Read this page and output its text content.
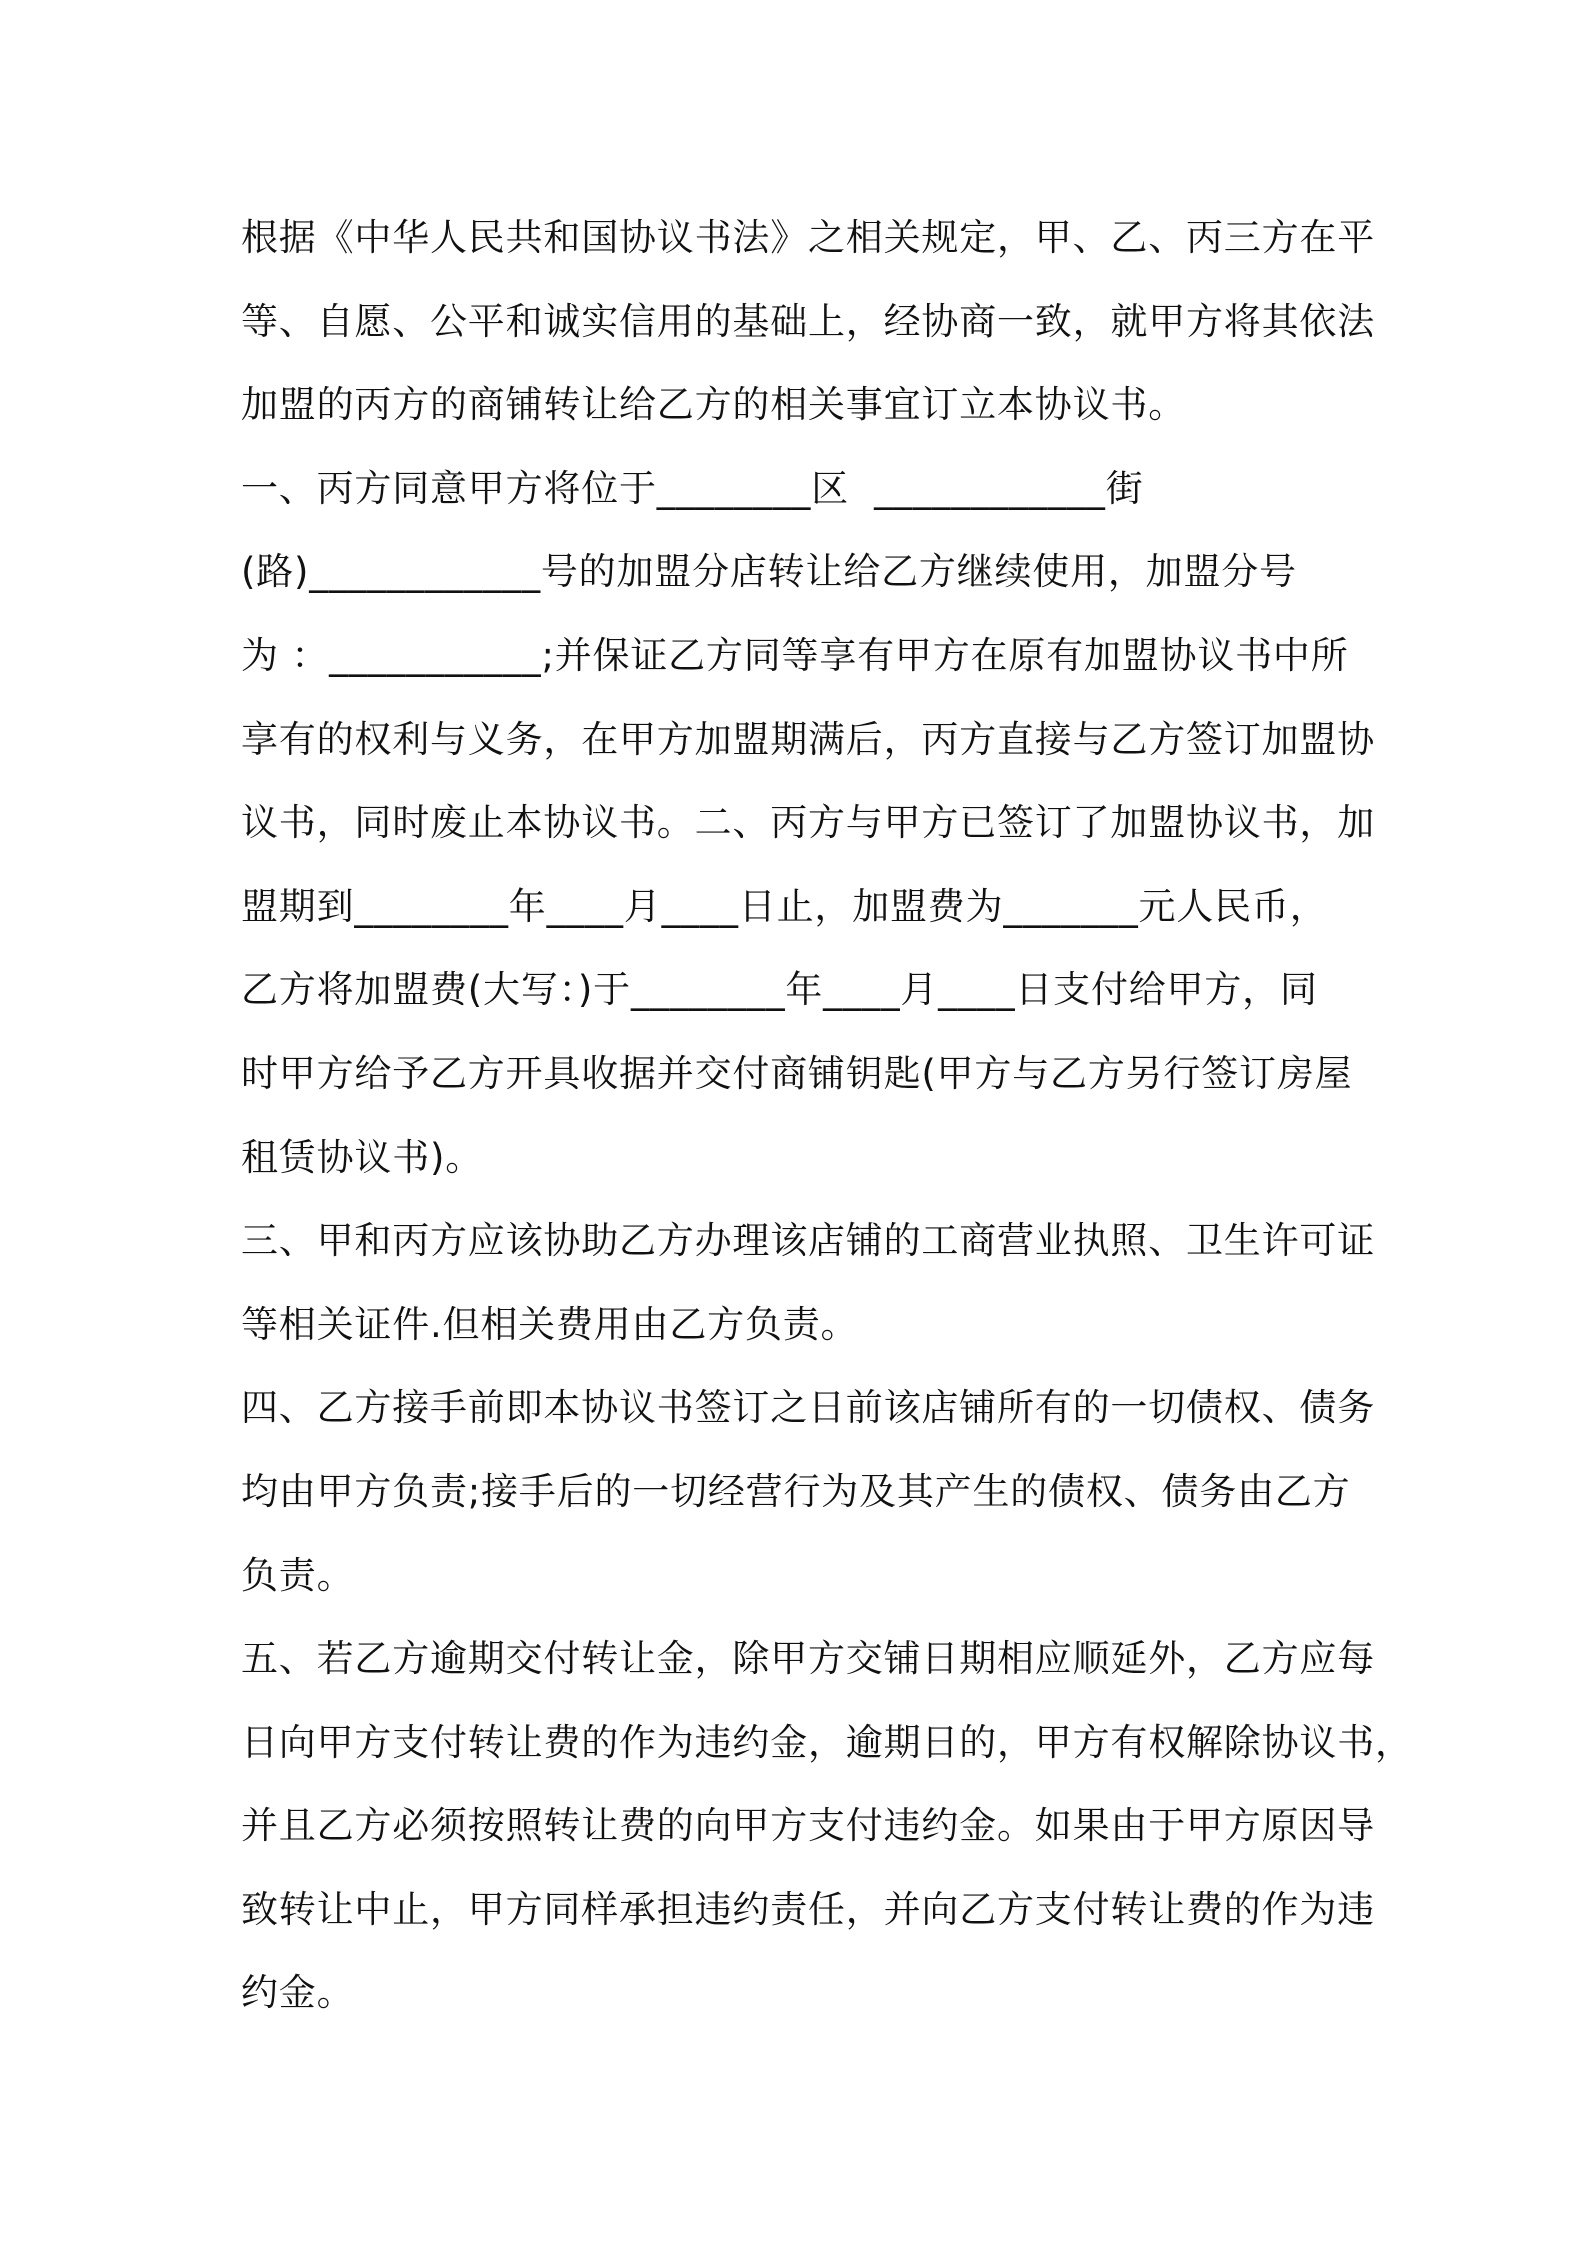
根据《中华人民共和国协议书法》之相关规定，甲、乙、丙三方在平
等、自愿、公平和诚实信用的基础上，经协商一致，就甲方将其依法
加盟的丙方的商铺转让给乙方的相关事宜订立本协议书。
一、丙方同意甲方将位于________区  ____________街
(路)____________号的加盟分店转让给乙方继续使用，加盟分号
为 ：___________;并保证乙方同等享有甲方在原有加盟协议书中所
享有的权利与义务，在甲方加盟期满后，丙方直接与乙方签订加盟协
议书，同时废止本协议书。二、丙方与甲方已签订了加盟协议书，加
盟期到________年____月____日止，加盟费为_______元人民币，
乙方将加盟费(大写：)于________年____月____日支付给甲方，同
时甲方给予乙方开具收据并交付商铺钥匙(甲方与乙方另行签订房屋
租赁协议书)。
三、甲和丙方应该协助乙方办理该店铺的工商营业执照、卫生许可证
等相关证件.但相关费用由乙方负责。
四、乙方接手前即本协议书签订之日前该店铺所有的一切债权、债务
均由甲方负责;接手后的一切经营行为及其产生的债权、债务由乙方
负责。
五、若乙方逾期交付转让金，除甲方交铺日期相应顺延外，乙方应每
日向甲方支付转让费的作为违约金，逾期日的，甲方有权解除协议书，
并且乙方必须按照转让费的向甲方支付违约金。如果由于甲方原因导
致转让中止，甲方同样承担违约责任，并向乙方支付转让费的作为违
约金。
